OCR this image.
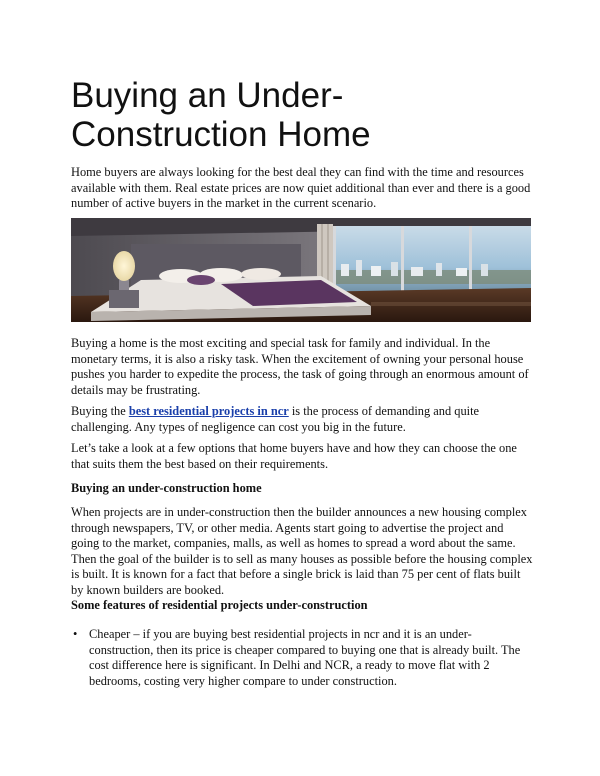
Buying an Under-Construction Home

Home buyers are always looking for the best deal they can find with the time and resources available with them. Real estate prices are now quiet additional than ever and there is a good number of active buyers in the market in the current scenario.

Buying a home is the most exciting and special task for family and individual. In the monetary terms, it is also a risky task. When the excitement of owning your personal house pushes you harder to expedite the process, the task of going through an enormous amount of details may be frustrating.

Buying the best residential projects in ncr is the process of demanding and quite challenging. Any types of negligence can cost you big in the future.

Let’s take a look at a few options that home buyers have and how they can choose the one that suits them the best based on their requirements.

Buying an under-construction home

When projects are in under-construction then the builder announces a new housing complex through newspapers, TV, or other media. Agents start going to advertise the project and going to the market, companies, malls, as well as homes to spread a word about the same. Then the goal of the builder is to sell as many houses as possible before the housing complex is built. It is known for a fact that before a single brick is laid than 75 per cent of flats built by known builders are booked.

Some features of residential projects under-construction

• Cheaper – if you are buying best residential projects in ncr and it is an under-construction, then its price is cheaper compared to buying one that is already built. The cost difference here is significant. In Delhi and NCR, a ready to move flat with 2 bedrooms, costing very higher compare to under construction.
